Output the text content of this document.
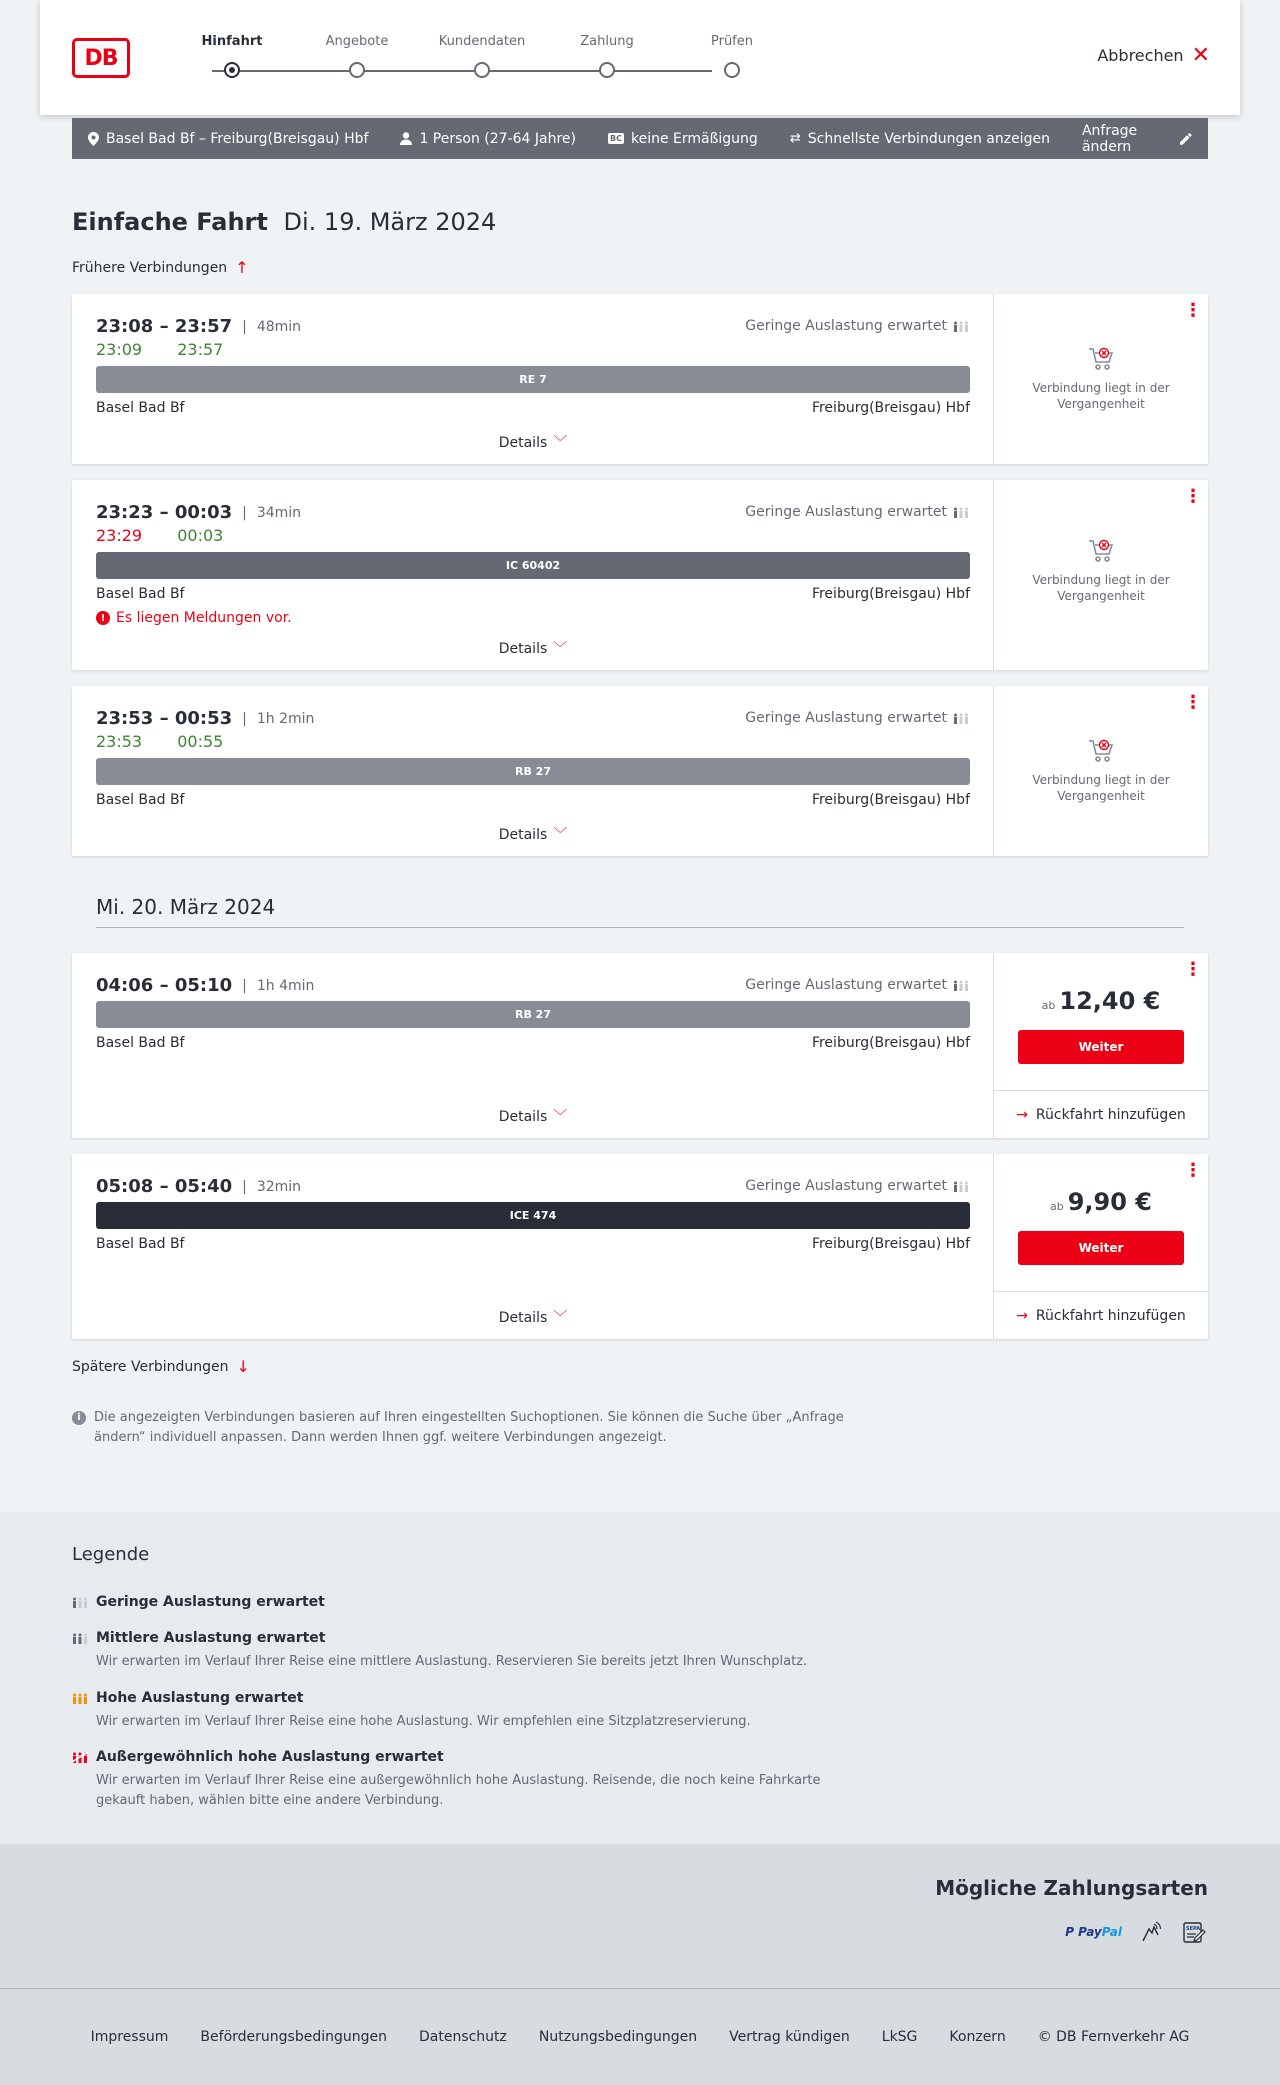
DB
Hinfahrt	Angebote	Kundendaten	Zahlung	Prüfen
Abbrechen ✕
Basel Bad Bf – Freiburg(Breisgau) Hbf	1 Person (27-64 Jahre)	BC keine Ermäßigung ⇄ Schnellste Verbindungen anzeigen Anfrage ändern
Einfache Fahrt Di. 19. März 2024
Frühere Verbindungen ↑
23:08 – 23:57 | 48min
23:09 23:57
Geringe Auslastung erwartet
RE 7
Basel Bad Bf	Freiburg(Breisgau) Hbf
Details ﹀
⋮
Verbindung liegt in der Vergangenheit
23:23 – 00:03 | 34min
23:29 00:03
Geringe Auslastung erwartet
IC 60402
Basel Bad Bf	Freiburg(Breisgau) Hbf
! Es liegen Meldungen vor.
Details ﹀
⋮
Verbindung liegt in der Vergangenheit
23:53 – 00:53 | 1h 2min
23:53 00:55
Geringe Auslastung erwartet
RB 27
Basel Bad Bf	Freiburg(Breisgau) Hbf
Details ﹀
⋮
Verbindung liegt in der Vergangenheit
Mi. 20. März 2024
04:06 – 05:10 | 1h 4min	Geringe Auslastung erwartet
RB 27
Basel Bad Bf	Freiburg(Breisgau) Hbf
Details ﹀
⋮
ab 12,40 €
Weiter
→ Rückfahrt hinzufügen
05:08 – 05:40 | 32min	Geringe Auslastung erwartet
ICE 474
Basel Bad Bf	Freiburg(Breisgau) Hbf
Details ﹀
⋮
ab 9,90 €
Weiter
→ Rückfahrt hinzufügen
Spätere Verbindungen ↓
i	Die angezeigten Verbindungen basieren auf Ihren eingestellten Suchoptionen. Sie können die Suche über „Anfrage ändern“ individuell anpassen. Dann werden Ihnen ggf. weitere Verbindungen angezeigt.
Legende
Geringe Auslastung erwartet
Mittlere Auslastung erwartet
Wir erwarten im Verlauf Ihrer Reise eine mittlere Auslastung. Reservieren Sie bereits jetzt Ihren Wunschplatz.
Hohe Auslastung erwartet
Wir erwarten im Verlauf Ihrer Reise eine hohe Auslastung. Wir empfehlen eine Sitzplatzreservierung.
Außergewöhnlich hohe Auslastung erwartet
Wir erwarten im Verlauf Ihrer Reise eine außergewöhnlich hohe Auslastung. Reisende, die noch keine Fahrkarte gekauft haben, wählen bitte eine andere Verbindung.
Mögliche Zahlungsarten
P PayPal	SEPA
Impressum Beförderungsbedingungen Datenschutz Nutzungsbedingungen Vertrag kündigen LkSG Konzern © DB Fernverkehr AG
